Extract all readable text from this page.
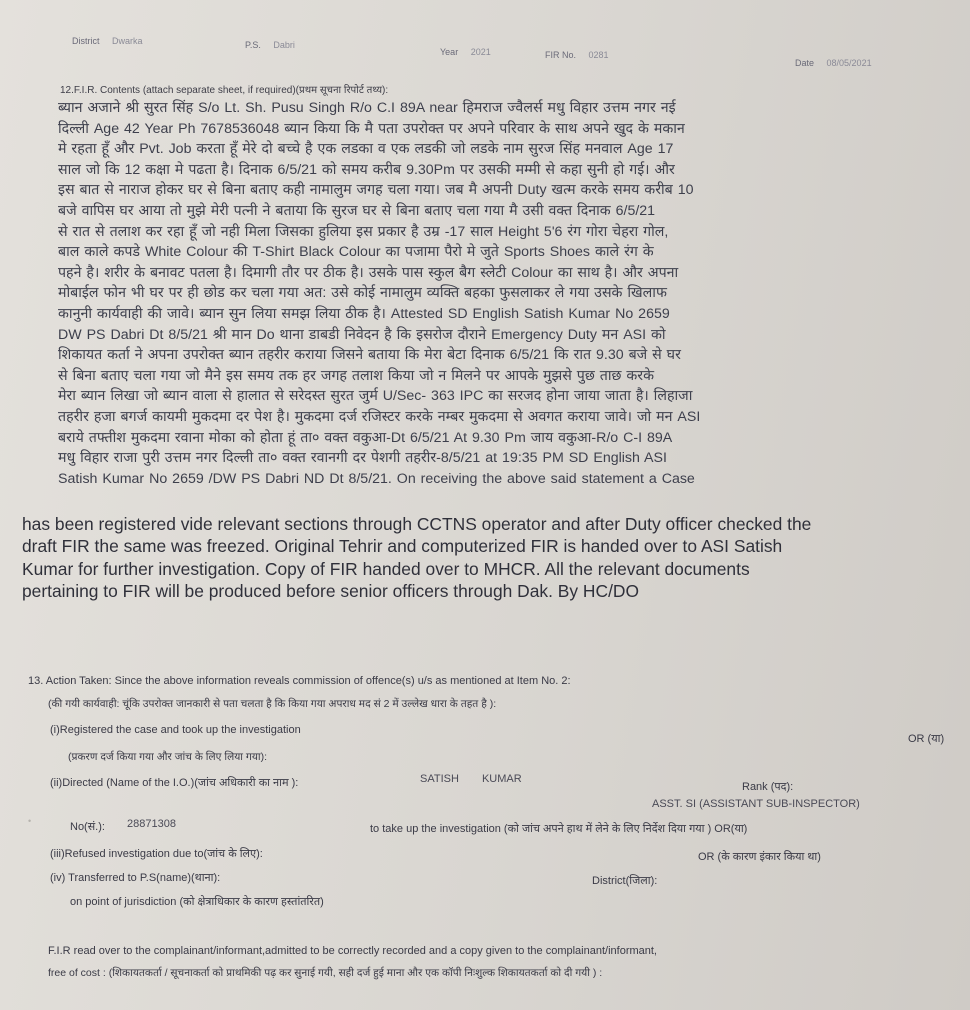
District Dwarka	P.S. Dabri
Year 2021	FIR No. 0281
Date 08/05/2021
12.F.I.R. Contents (attach separate sheet, if required)(प्रथम सूचना रिपोर्ट तथ्य):
ब्यान अजाने श्री सुरत सिंह S/o Lt. Sh. Pusu Singh R/o C.I 89A near हिमराज ज्वैलर्स मधु विहार उत्तम नगर नई
दिल्ली Age 42 Year Ph 7678536048 ब्यान किया कि मै पता उपरोक्त पर अपने परिवार के साथ अपने खुद के मकान
मे रहता हूँ और Pvt. Job करता हूँ मेरे दो बच्चे है एक लडका व एक लडकी जो लडके नाम सुरज सिंह मनवाल Age 17
साल जो कि 12 कक्षा मे पढता है। दिनाक 6/5/21 को समय करीब 9.30Pm पर उसकी मम्मी से कहा सुनी हो गई। और
इस बात से नाराज होकर घर से बिना बताए कही नामालुम जगह चला गया। जब मै अपनी Duty खत्म करके समय करीब 10
बजे वापिस घर आया तो मुझे मेरी पत्नी ने बताया कि सुरज घर से बिना बताए चला गया मै उसी वक्त दिनाक 6/5/21
से रात से तलाश कर रहा हूँ जो नही मिला जिसका हुलिया इस प्रकार है उम्र -17 साल Height 5'6 रंग गोरा चेहरा गोल,
बाल काले कपडे White Colour की T-Shirt Black Colour का पजामा पैरो मे जुते Sports Shoes काले रंग के
पहने है। शरीर के बनावट पतला है। दिमागी तौर पर ठीक है। उसके पास स्कुल बैग स्लेटी Colour का साथ है। और अपना
मोबाईल फोन भी घर पर ही छोड कर चला गया अत: उसे कोई नामालुम व्यक्ति बहका फुसलाकर ले गया उसके खिलाफ
कानुनी कार्यवाही की जावे। ब्यान सुन लिया समझ लिया ठीक है। Attested SD English Satish Kumar No 2659
DW PS Dabri Dt 8/5/21 श्री मान Do थाना डाबडी निवेदन है कि इसरोज दौराने Emergency Duty मन ASI को
शिकायत कर्ता ने अपना उपरोक्त ब्यान तहरीर कराया जिसने बताया कि मेरा बेटा दिनाक 6/5/21 कि रात 9.30 बजे से घर
से बिना बताए चला गया जो मैने इस समय तक हर जगह तलाश किया जो न मिलने पर आपके मुझसे पुछ ताछ करके
मेरा ब्यान लिखा जो ब्यान वाला से हालात से सरेदस्त सुरत जुर्म U/Sec- 363 IPC का सरजद होना जाया जाता है। लिहाजा
तहरीर हजा बगर्ज कायमी मुकदमा दर पेश है। मुकदमा दर्ज रजिस्टर करके नम्बर मुकदमा से अवगत कराया जावे। जो मन ASI
बराये तफ्तीश मुकदमा रवाना मोका को होता हूं ता० वक्त वकुआ-Dt 6/5/21 At 9.30 Pm जाय वकुआ-R/o C-I 89A
मधु विहार राजा पुरी उत्तम नगर दिल्ली ता० वक्त रवानगी दर पेशगी तहरीर-8/5/21 at 19:35 PM SD English ASI
Satish Kumar No 2659 /DW PS Dabri ND Dt 8/5/21. On receiving the above said statement a Case
has been registered vide relevant sections through CCTNS operator and after Duty officer checked the
draft FIR the same was freezed. Original Tehrir and computerized FIR is handed over to ASI Satish
Kumar for further investigation. Copy of FIR handed over to MHCR. All the relevant documents
pertaining to FIR will be produced before senior officers through Dak. By HC/DO
13. Action Taken: Since the above information reveals commission of offence(s) u/s as mentioned at Item No. 2:
(की गयी कार्यवाही: चूंकि उपरोक्त जानकारी से पता चलता है कि किया गया अपराध मद सं 2 में उल्लेख धारा के तहत है ):
(i)Registered the case and took up the investigation
(प्रकरण दर्ज किया गया और जांच के लिए लिया गया):
OR (या)
(ii)Directed (Name of the I.O.)(जांच अधिकारी का नाम ):	SATISH KUMAR
Rank (पद):
ASST. SI (ASSISTANT SUB-INSPECTOR)
•	No(सं.): 28871308	to take up the investigation (को जांच अपने हाथ में लेने के लिए निर्देश दिया गया ) OR(या)
(iii)Refused investigation due to(जांच के लिए):	OR (के कारण इंकार किया था)
(iv) Transferred to P.S(name)(थाना):	District(जिला):
on point of jurisdiction (को क्षेत्राधिकार के कारण हस्तांतरित)
F.I.R read over to the complainant/informant,admitted to be correctly recorded and a copy given to the complainant/informant,
free of cost : (शिकायतकर्ता / सूचनाकर्ता को प्राथमिकी पढ़ कर सुनाई गयी, सही दर्ज हुई माना और एक कॉपी निःशुल्क शिकायतकर्ता को दी गयी ) :
